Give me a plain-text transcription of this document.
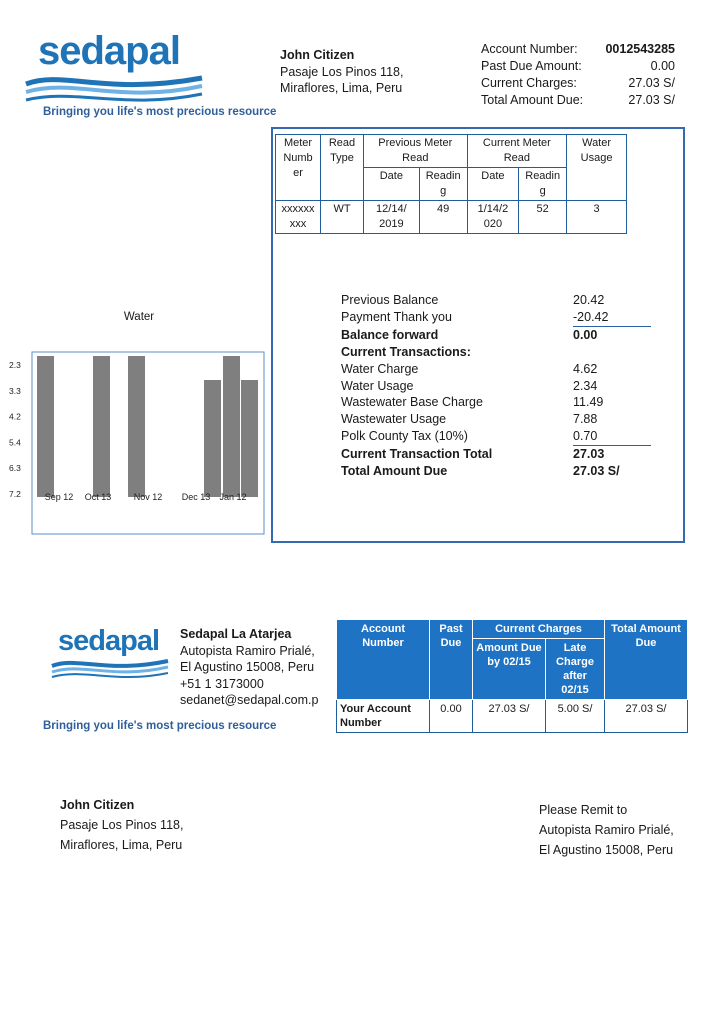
sedapal
Bringing you life's most precious resource
John Citizen
Pasaje Los Pinos 118,
Miraflores, Lima, Peru
Account Number: 0012543285
Past Due Amount:	0.00
Current Charges:	27.03 S/
Total Amount Due:	27.03 S/
Meter Numb er	Read Type	Previous Meter Read		Current Meter Read		Water Usage
		Date	Readin g	Date	Readin g	
xxxxxx xxx	WT	12/14/ 2019	49	1/14/2 020	52	3
Previous Balance	20.42
Payment Thank you	-20.42
Balance forward	0.00
Current Transactions:
Water Charge	4.62
Water Usage	2.34
Wastewater Base Charge	11.49
Wastewater Usage	7.88
Polk County Tax (10%)	0.70
Current Transaction Total	27.03
Total Amount Due	27.03 S/
Water
2.3
3.3
4.2
5.4
6.3
7.2	Sep 12 Oct 13 Nov 12 Dec 13 Jan 12
sedapal
Bringing you life's most precious resource
Sedapal La Atarjea
Autopista Ramiro Prialé,
El Agustino 15008, Peru
+51 1 3173000
sedanet@sedapal.com.p
Account Number	Past Due	Current Charges		Total Amount Due
		Amount Due by 02/15	Late Charge after 02/15	
Your Account Number	0.00	27.03 S/	5.00 S/	27.03 S/
John Citizen
Pasaje Los Pinos 118,
Miraflores, Lima, Peru
Please Remit to
Autopista Ramiro Prialé,
El Agustino 15008, Peru
